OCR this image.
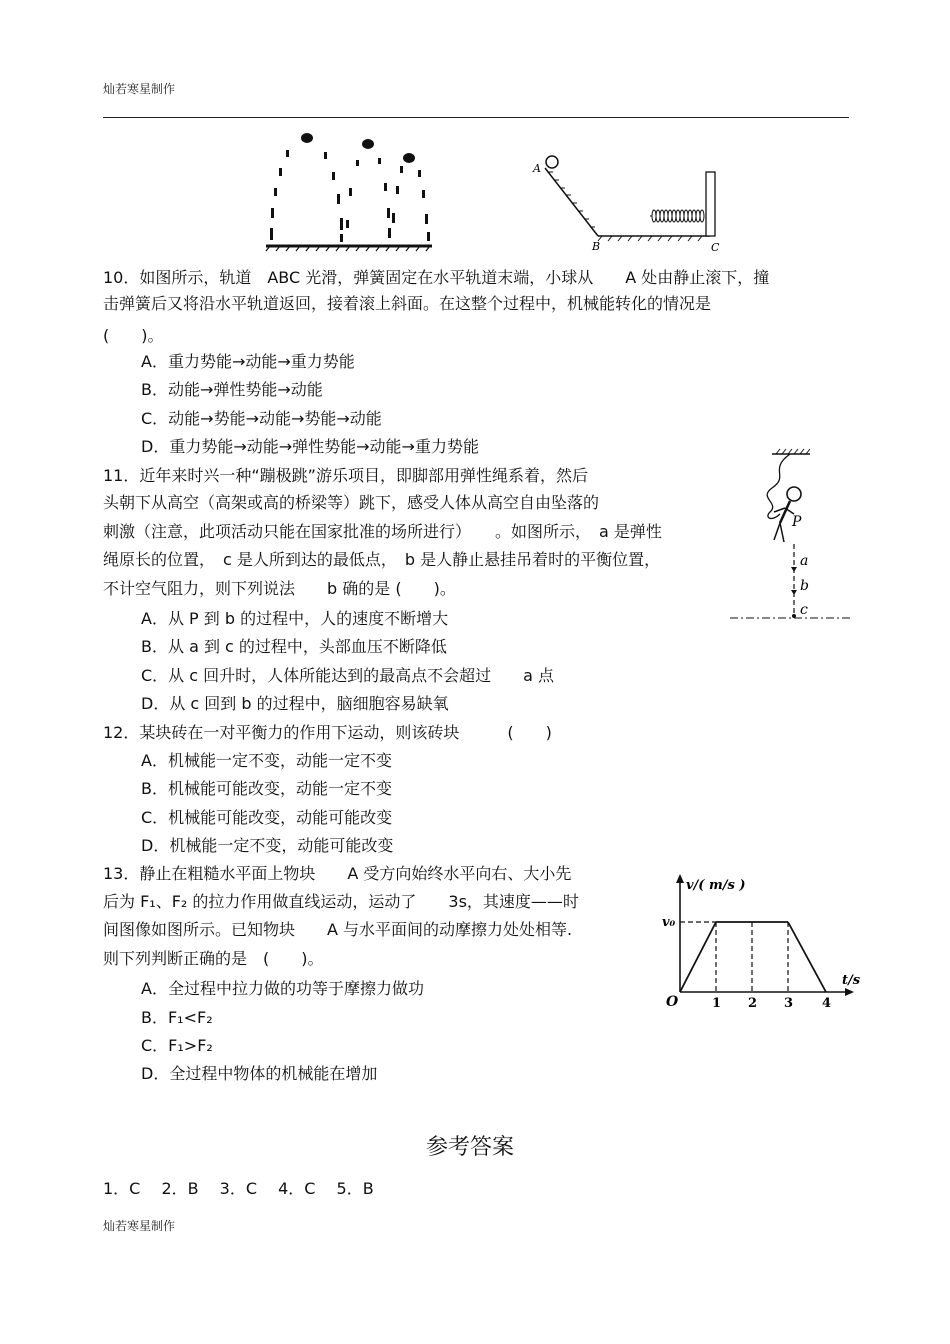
灿若寒星制作
A
B	C
10．如图所示，轨道　ABC 光滑，弹簧固定在水平轨道末端，小球从　　A 处由静止滚下，撞
击弹簧后又将沿水平轨道返回，接着滚上斜面。在这整个过程中，机械能转化的情况是
(　　)。
A．重力势能→动能→重力势能
B．动能→弹性势能→动能
C．动能→势能→动能→势能→动能
D．重力势能→动能→弹性势能→动能→重力势能
P
a
b
c
11．近年来时兴一种“蹦极跳”游乐项目，即脚部用弹性绳系着，然后
头朝下从高空（高架或高的桥梁等）跳下，感受人体从高空自由坠落的
刺激（注意，此项活动只能在国家批准的场所进行）　　。如图所示，　a 是弹性
绳原长的位置，　c 是人所到达的最低点，　b 是人静止悬挂吊着时的平衡位置，
不计空气阻力，则下列说法　　b 确的是 (　　)。
A．从 P 到 b 的过程中，人的速度不断增大
B．从 a 到 c 的过程中，头部血压不断降低
C．从 c 回升时，人体所能达到的最高点不会超过　　a 点
D．从 c 回到 b 的过程中，脑细胞容易缺氧
12．某块砖在一对平衡力的作用下运动，则该砖块　　　(　　)
A．机械能一定不变，动能一定不变
B．机械能可能改变，动能一定不变
C．机械能可能改变，动能可能改变
D．机械能一定不变，动能可能改变
13．静止在粗糙水平面上物块　　A 受方向始终水平向右、大小先
后为 F₁、F₂ 的拉力作用做直线运动，运动了　　3s，其速度——时
间图像如图所示。已知物块　　A 与水平面间的动摩擦力处处相等.
则下列判断正确的是　(　　)。
A．全过程中拉力做的功等于摩擦力做功
B．F₁<F₂
C．F₁>F₂
D．全过程中物体的机械能在增加
v/( m/s )
t/s
v₀
O	1 2 3 4
参考答案
1．C　 2．B　 3．C　 4．C　 5．B
灿若寒星制作
